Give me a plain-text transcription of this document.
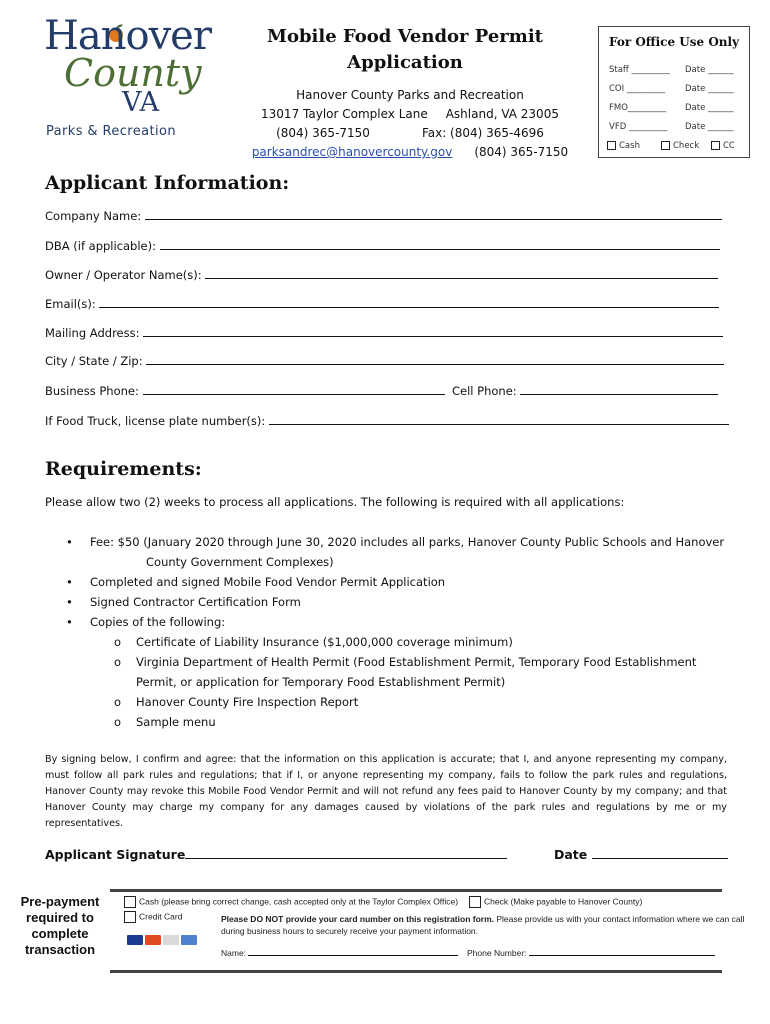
Hanover
County
VA
Parks & Recreation
Mobile Food Vendor Permit
Application
Hanover County Parks and Recreation
13017 Taylor Complex Lane Ashland, VA 23005
(804) 365-7150	Fax: (804) 365-4696
parksandrec@hanovercounty.gov (804) 365-7150
For Office Use Only
Staff _________ Date ______
COI _________ Date ______
FMO_________ Date ______
VFD _________ Date ______
Cash	Check	CC
Applicant Information:
Company Name:
DBA (if applicable):
Owner / Operator Name(s):
Email(s):
Mailing Address:
City / State / Zip:
Business Phone:	Cell Phone:
If Food Truck, license plate number(s):
Requirements:
Please allow two (2) weeks to process all applications. The following is required with all applications:
• Fee: $50 (January 2020 through June 30, 2020 includes all parks, Hanover County Public Schools and Hanover
County Government Complexes)
• Completed and signed Mobile Food Vendor Permit Application
• Signed Contractor Certification Form
• Copies of the following:
o Certificate of Liability Insurance ($1,000,000 coverage minimum)
o Virginia Department of Health Permit (Food Establishment Permit, Temporary Food Establishment
Permit, or application for Temporary Food Establishment Permit)
o Hanover County Fire Inspection Report
o Sample menu
By signing below, I confirm and agree: that the information on this application is accurate; that I, and anyone representing my company, must follow all park rules and regulations; that if I, or anyone representing my company, fails to follow the park rules and regulations, Hanover County may revoke this Mobile Food Vendor Permit and will not refund any fees paid to Hanover County by my company; and that Hanover County may charge my company for any damages caused by violations of the park rules and regulations by me or my representatives.
Applicant Signature	Date
Pre-payment required to complete transaction
Cash (please bring correct change, cash accepted only at the Taylor Complex Office)	Check (Make payable to Hanover County)
Credit Card	Please DO NOT provide your card number on this registration form. Please provide us with your contact information where we can call
during business hours to securely receive your payment information.
Name:	Phone Number:
